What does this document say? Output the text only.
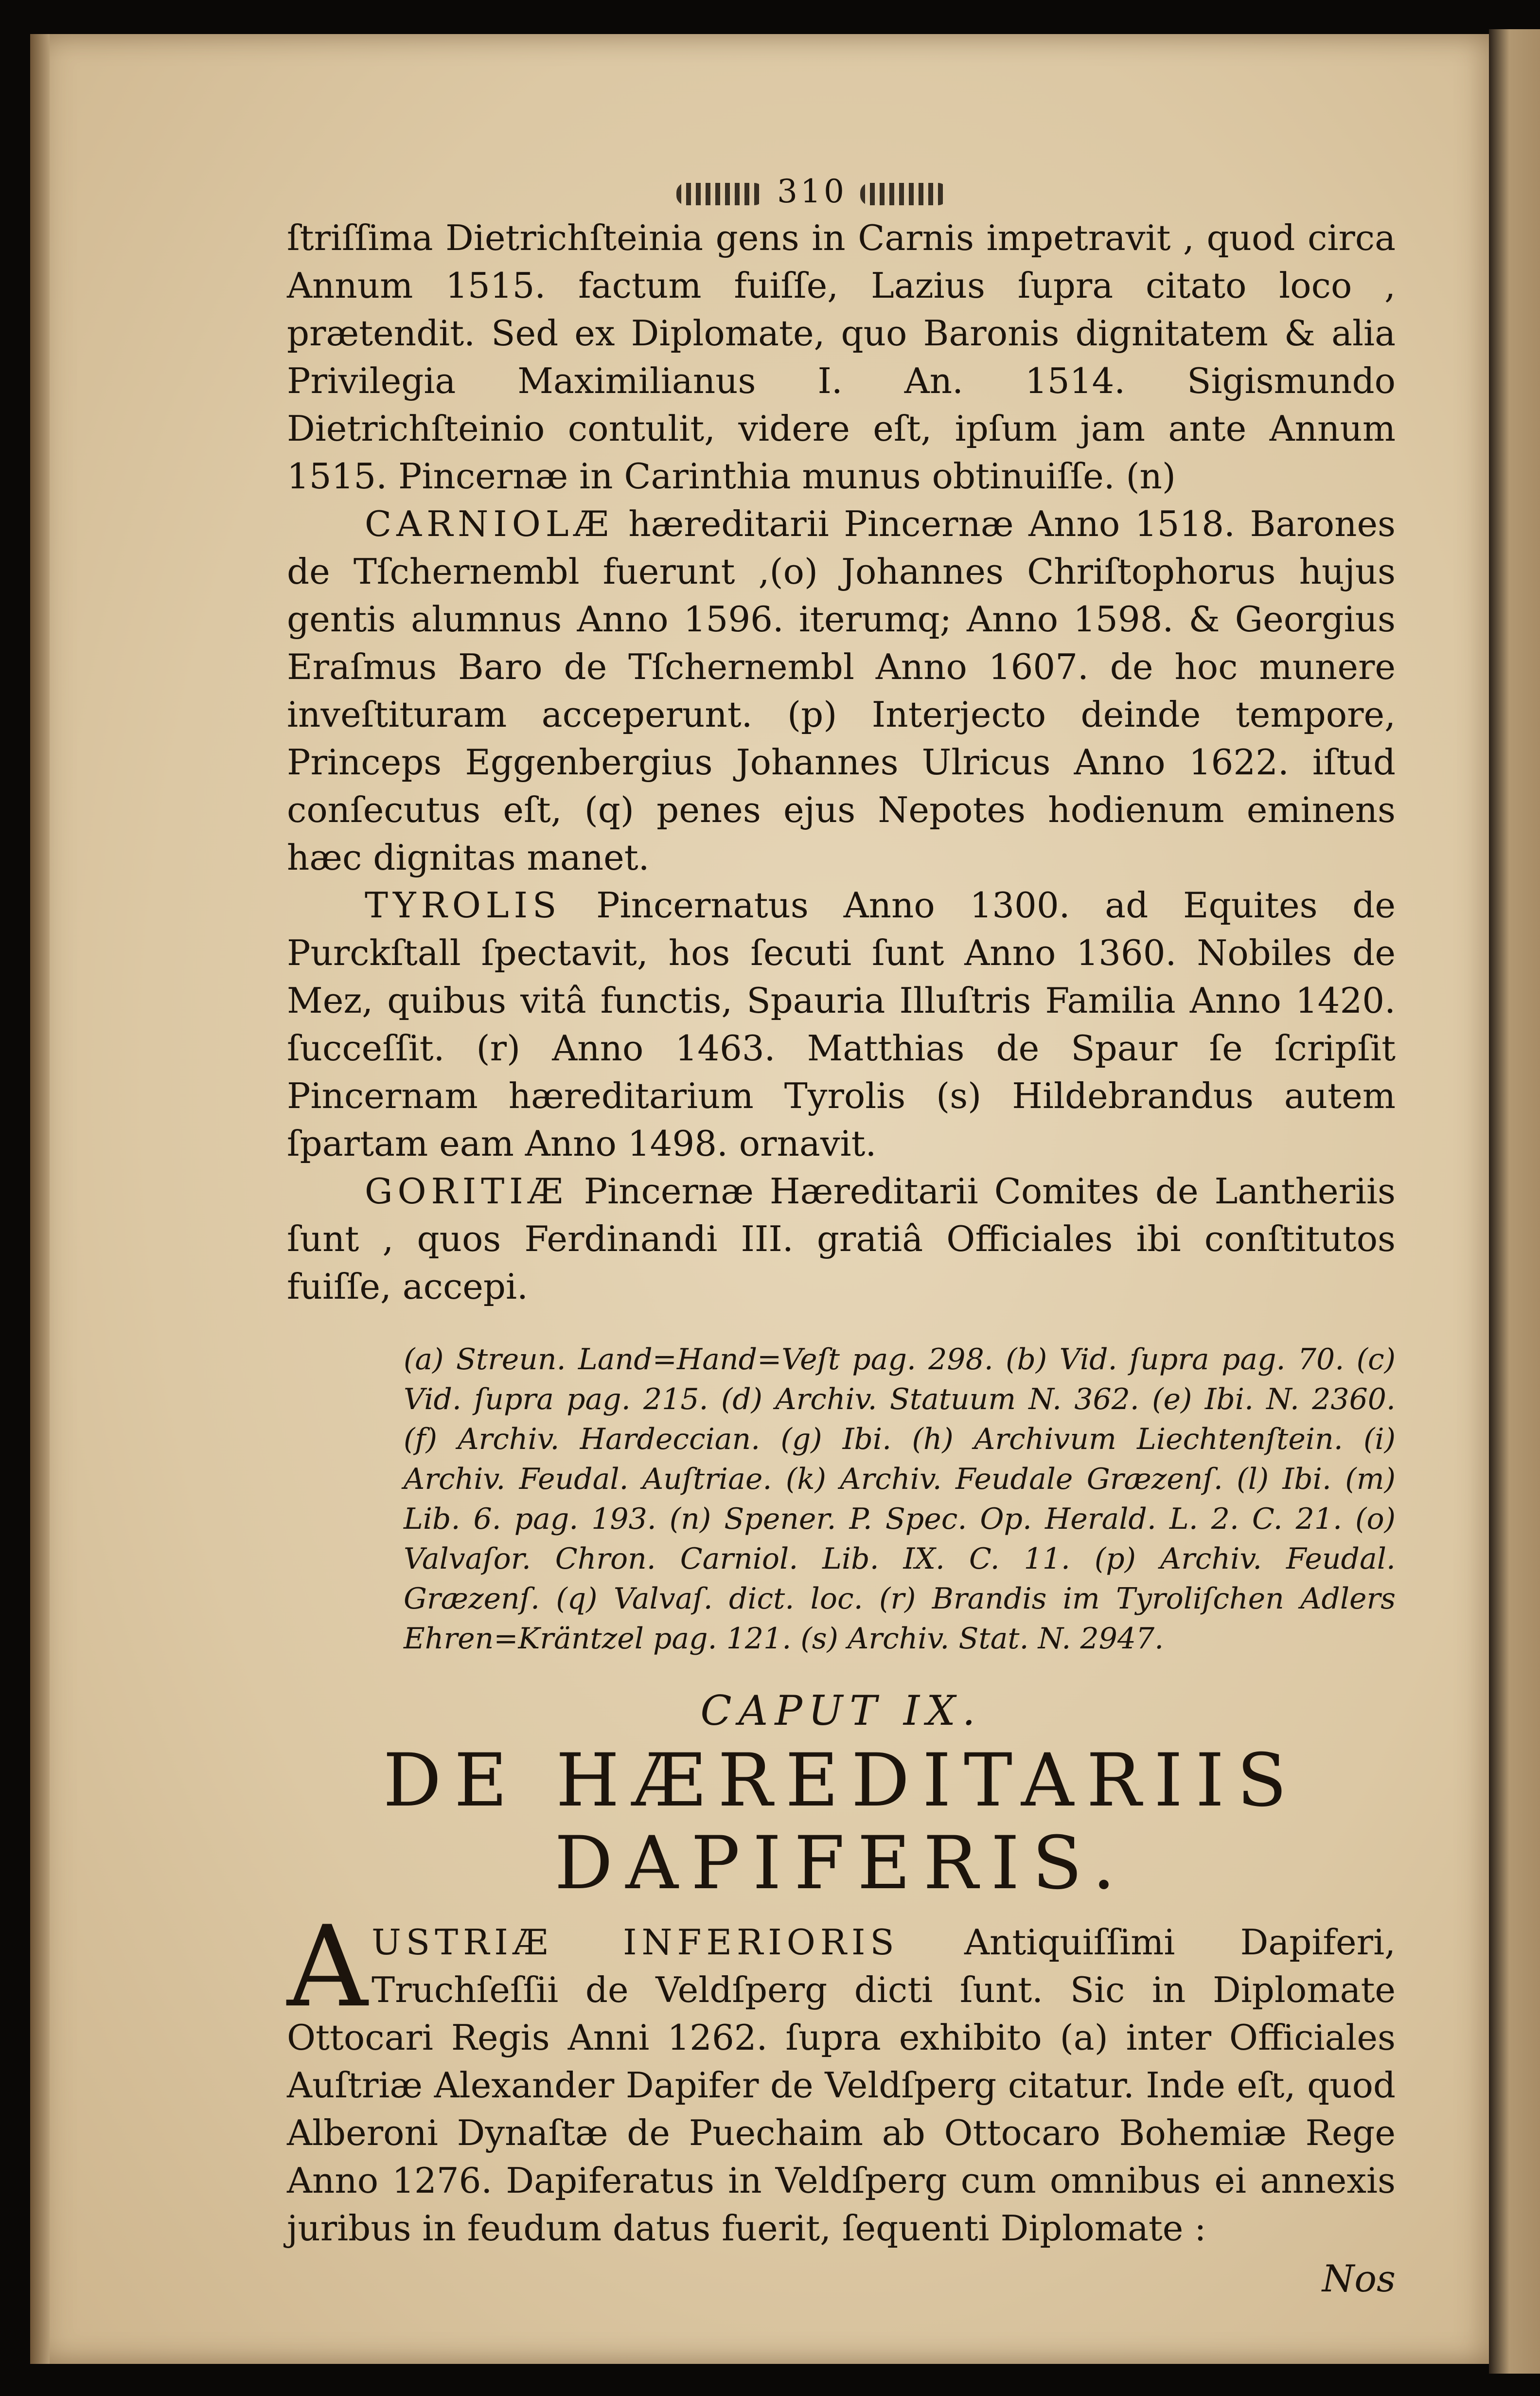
310

ſtriſſima Dietrichſteinia gens in Carnis impetravit , quod circa Annum 1515. factum fuiſſe, Lazius ſupra citato loco , prætendit. Sed ex Diplomate, quo Baronis dignitatem & alia Privilegia Maximilianus I. An. 1514. Sigismundo Dietrichſteinio contulit, videre eſt, ipſum jam ante Annum 1515. Pincernæ in Carinthia munus obtinuiſſe. (n)

CARNIOLÆ hæreditarii Pincernæ Anno 1518. Barones de Tſchernembl fuerunt ,(o) Johannes Chriſtophorus hujus gentis alumnus Anno 1596. iterumq; Anno 1598. & Georgius Eraſmus Baro de Tſchernembl Anno 1607. de hoc munere inveſtituram acceperunt. (p) Interjecto deinde tempore, Princeps Eggenbergius Johannes Ulricus Anno 1622. iſtud conſecutus eſt, (q) penes ejus Nepotes hodienum eminens hæc dignitas manet.

TYROLIS Pincernatus Anno 1300. ad Equites de Purckſtall ſpectavit, hos ſecuti ſunt Anno 1360. Nobiles de Mez, quibus vitâ functis, Spauria Illuſtris Familia Anno 1420. ſucceſſit. (r) Anno 1463. Matthias de Spaur ſe ſcripſit Pincernam hæreditarium Tyrolis (s) Hildebrandus autem ſpartam eam Anno 1498. ornavit.

GORITIÆ Pincernæ Hæreditarii Comites de Lantheriis ſunt , quos Ferdinandi III. gratiâ Officiales ibi conſtitutos fuiſſe, accepi.

(a) Streun. Land=Hand=Veſt pag. 298. (b) Vid. ſupra pag. 70. (c) Vid. ſupra pag. 215. (d) Archiv. Statuum N. 362. (e) Ibi. N. 2360. (f) Archiv. Hardeccian. (g) Ibi. (h) Archivum Liechtenſtein. (i) Archiv. Feudal. Auſtriae. (k) Archiv. Feudale Græzenſ. (l) Ibi. (m) Lib. 6. pag. 193. (n) Spener. P. Spec. Op. Herald. L. 2. C. 21. (o) Valvaſor. Chron. Carniol. Lib. IX. C. 11. (p) Archiv. Feudal. Græzenſ. (q) Valvaſ. dict. loc. (r) Brandis im Tyroliſchen Adlers Ehren=Kräntzel pag. 121. (s) Archiv. Stat. N. 2947.
CAPUT IX.
DE HÆREDITARIIS
DAPIFERIS.

AUSTRIÆ INFERIORIS Antiquiſſimi Dapiferi, Truchſeſſii de Veldſperg dicti ſunt. Sic in Diplomate Ottocari Regis Anni 1262. ſupra exhibito (a) inter Officiales Auſtriæ Alexander Dapifer de Veldſperg citatur. Inde eſt, quod Alberoni Dynaſtæ de Puechaim ab Ottocaro Bohemiæ Rege Anno 1276. Dapiferatus in Veldſperg cum omnibus ei annexis juribus in feudum datus fuerit, ſequenti Diplomate :

Nos
